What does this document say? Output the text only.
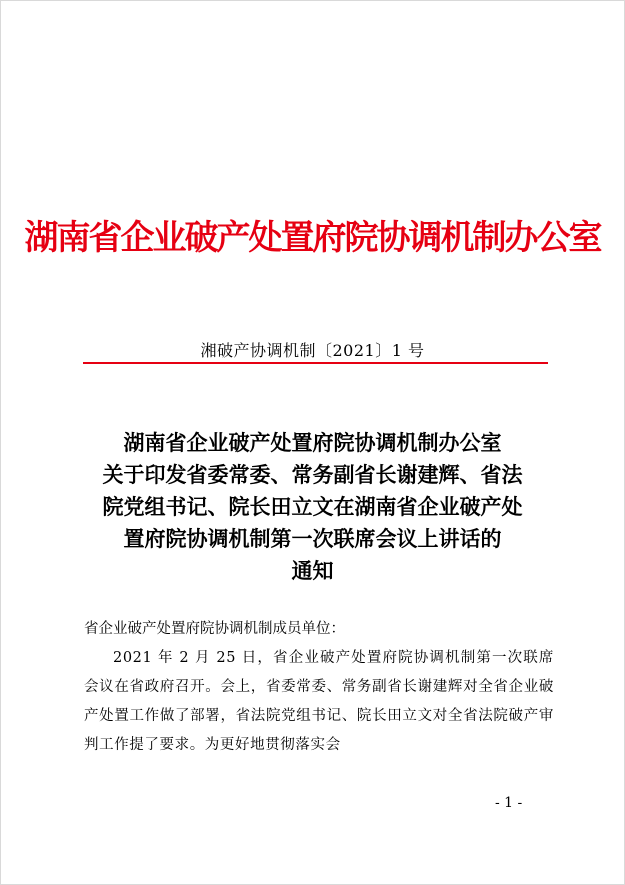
湖南省企业破产处置府院协调机制办公室
湘破产协调机制〔2021〕1 号
湖南省企业破产处置府院协调机制办公室
关于印发省委常委、常务副省长谢建辉、省法
院党组书记、院长田立文在湖南省企业破产处
置府院协调机制第一次联席会议上讲话的
通知

省企业破产处置府院协调机制成员单位：

2021 年 2 月 25 日，省企业破产处置府院协调机制第一次联席会议在省政府召开。会上，省委常委、常务副省长谢建辉对全省企业破产处置工作做了部署，省法院党组书记、院长田立文对全省法院破产审判工作提了要求。为更好地贯彻落实会

- 1 -
